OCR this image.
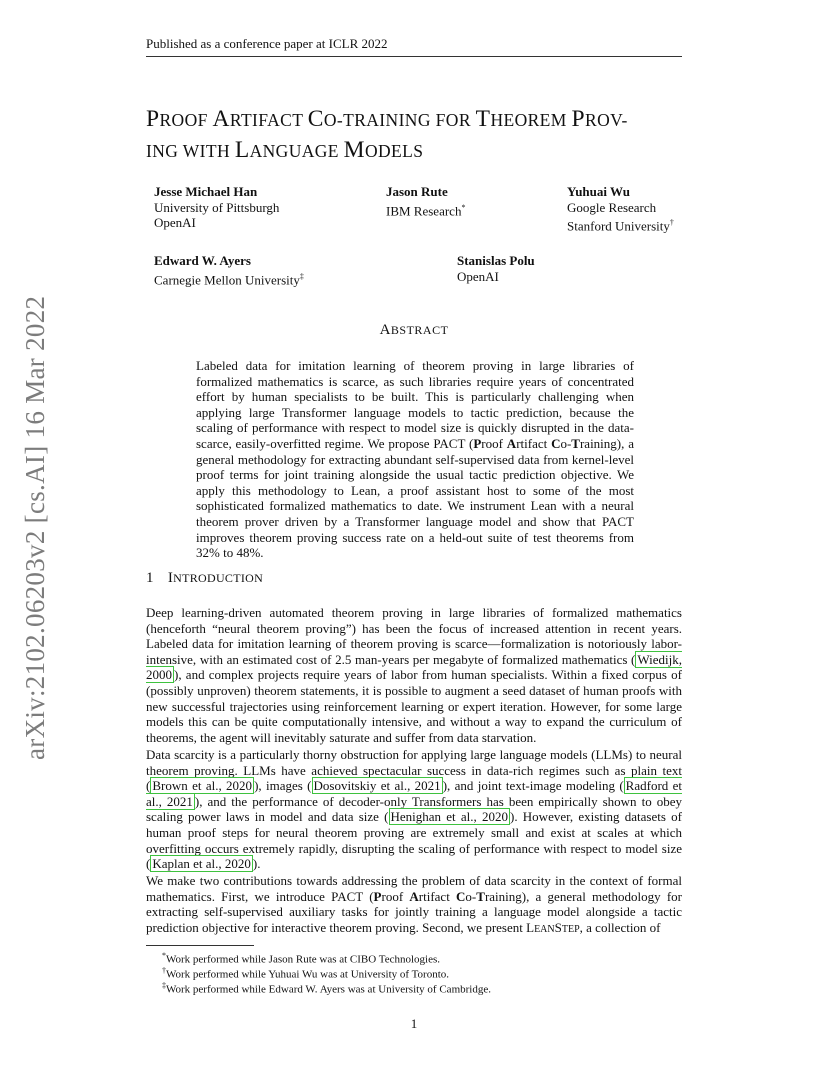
Published as a conference paper at ICLR 2022
PROOF ARTIFACT CO-TRAINING FOR THEOREM PROV-
ING WITH LANGUAGE MODELS
Jesse Michael Han
University of Pittsburgh
OpenAI
Jason Rute
IBM Research*
Yuhuai Wu
Google Research
Stanford University†
Edward W. Ayers
Carnegie Mellon University‡
Stanislas Polu
OpenAI
arXiv:2102.06203v2 [cs.AI] 16 Mar 2022	ABSTRACT
Labeled data for imitation learning of theorem proving in large libraries of formalized mathematics is scarce, as such libraries require years of concentrated effort by human specialists to be built. This is particularly challenging when applying large Transformer language models to tactic prediction, because the scaling of performance with respect to model size is quickly disrupted in the data-scarce, easily-overfitted regime. We propose PACT (Proof Artifact Co-Training), a general methodology for extracting abundant self-supervised data from kernel-level proof terms for joint training alongside the usual tactic prediction objective. We apply this methodology to Lean, a proof assistant host to some of the most sophisticated formalized mathematics to date. We instrument Lean with a neural theorem prover driven by a Transformer language model and show that PACT improves theorem proving success rate on a held-out suite of test theorems from 32% to 48%.
1 INTRODUCTION
Deep learning-driven automated theorem proving in large libraries of formalized mathematics (henceforth “neural theorem proving”) has been the focus of increased attention in recent years. Labeled data for imitation learning of theorem proving is scarce—formalization is notoriously labor-intensive, with an estimated cost of 2.5 man-years per megabyte of formalized mathematics ( Wiedijk, 2000 ), and complex projects require years of labor from human specialists. Within a fixed corpus of (possibly unproven) theorem statements, it is possible to augment a seed dataset of human proofs with new successful trajectories using reinforcement learning or expert iteration. However, for some large models this can be quite computationally intensive, and without a way to expand the curriculum of theorems, the agent will inevitably saturate and suffer from data starvation.
Data scarcity is a particularly thorny obstruction for applying large language models (LLMs) to neural theorem proving. LLMs have achieved spectacular success in data-rich regimes such as plain text ( Brown et al., 2020 ), images ( Dosovitskiy et al., 2021 ), and joint text-image modeling ( Radford et al., 2021 ), and the performance of decoder-only Transformers has been empirically shown to obey scaling power laws in model and data size ( Henighan et al., 2020 ). However, existing datasets of human proof steps for neural theorem proving are extremely small and exist at scales at which overfitting occurs extremely rapidly, disrupting the scaling of performance with respect to model size ( Kaplan et al., 2020 ).
We make two contributions towards addressing the problem of data scarcity in the context of formal mathematics. First, we introduce PACT (Proof Artifact Co-Training), a general methodology for extracting self-supervised auxiliary tasks for jointly training a language model alongside a tactic prediction objective for interactive theorem proving. Second, we present LEANSTEP, a collection of
*Work performed while Jason Rute was at CIBO Technologies.
†Work performed while Yuhuai Wu was at University of Toronto.
‡Work performed while Edward W. Ayers was at University of Cambridge.
1
